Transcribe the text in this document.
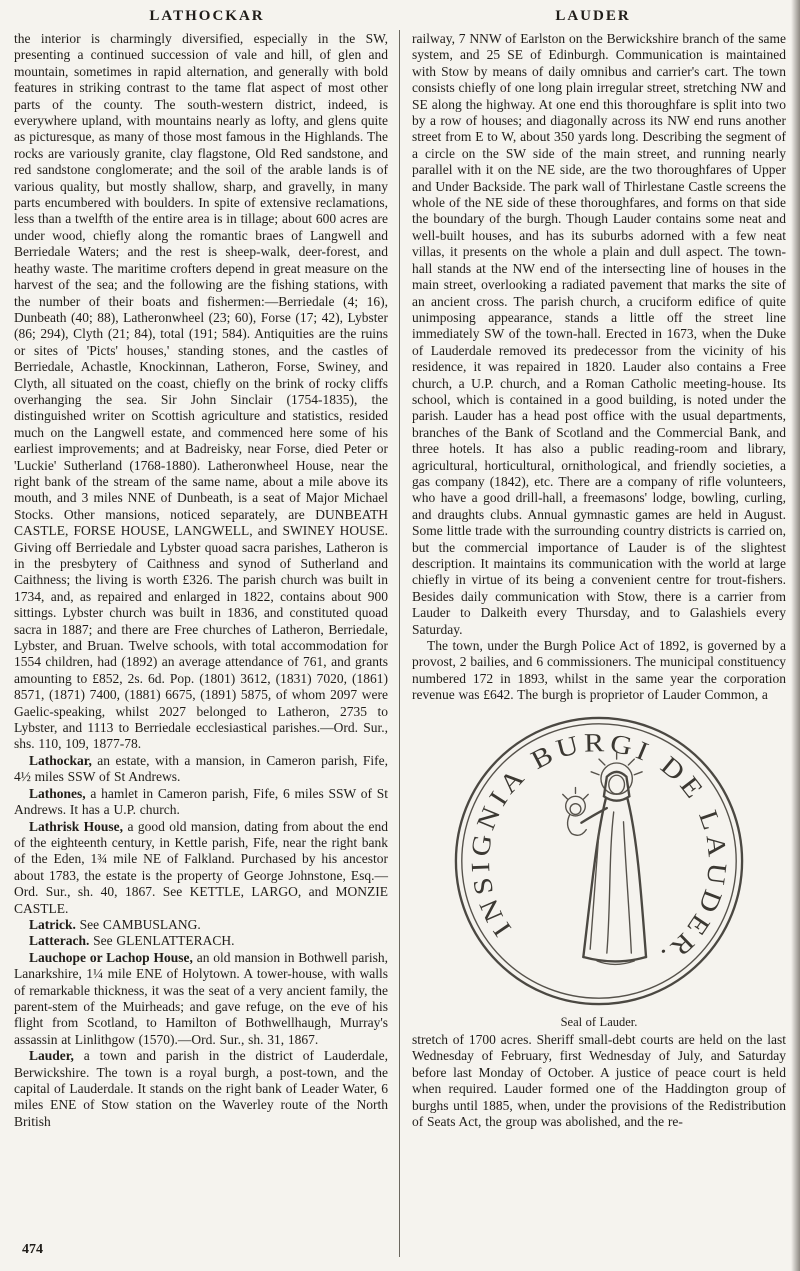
LATHOCKAR	LAUDER

the interior is charmingly diversified, especially in the SW, presenting a continued succession of vale and hill, of glen and mountain, sometimes in rapid alternation, and generally with bold features in striking contrast to the tame flat aspect of most other parts of the county. The south-western district, indeed, is everywhere upland, with mountains nearly as lofty, and glens quite as picturesque, as many of those most famous in the Highlands. The rocks are variously granite, clay flagstone, Old Red sandstone, and red sandstone conglomerate; and the soil of the arable lands is of various quality, but mostly shallow, sharp, and gravelly, in many parts encumbered with boulders. In spite of extensive reclamations, less than a twelfth of the entire area is in tillage; about 600 acres are under wood, chiefly along the romantic braes of Langwell and Berriedale Waters; and the rest is sheep-walk, deer-forest, and heathy waste. The maritime crofters depend in great measure on the harvest of the sea; and the following are the fishing stations, with the number of their boats and fishermen:—Berriedale (4; 16), Dunbeath (40; 88), Latheronwheel (23; 60), Forse (17; 42), Lybster (86; 294), Clyth (21; 84), total (191; 584). Antiquities are the ruins or sites of 'Picts' houses,' standing stones, and the castles of Berriedale, Achastle, Knockinnan, Latheron, Forse, Swiney, and Clyth, all situated on the coast, chiefly on the brink of rocky cliffs overhanging the sea. Sir John Sinclair (1754-1835), the distinguished writer on Scottish agriculture and statistics, resided much on the Langwell estate, and commenced here some of his earliest improvements; and at Badreisky, near Forse, died Peter or 'Luckie' Sutherland (1768-1880). Latheronwheel House, near the right bank of the stream of the same name, about a mile above its mouth, and 3 miles NNE of Dunbeath, is a seat of Major Michael Stocks. Other mansions, noticed separately, are DUNBEATH CASTLE, FORSE HOUSE, LANGWELL, and SWINEY HOUSE. Giving off Berriedale and Lybster quoad sacra parishes, Latheron is in the presbytery of Caithness and synod of Sutherland and Caithness; the living is worth £326. The parish church was built in 1734, and, as repaired and enlarged in 1822, contains about 900 sittings. Lybster church was built in 1836, and constituted quoad sacra in 1887; and there are Free churches of Latheron, Berriedale, Lybster, and Bruan. Twelve schools, with total accommodation for 1554 children, had (1892) an average attendance of 761, and grants amounting to £852, 2s. 6d. Pop. (1801) 3612, (1831) 7020, (1861) 8571, (1871) 7400, (1881) 6675, (1891) 5875, of whom 2097 were Gaelic-speaking, whilst 2027 belonged to Latheron, 2735 to Lybster, and 1113 to Berriedale ecclesiastical parishes.—Ord. Sur., shs. 110, 109, 1877-78.

Lathockar, an estate, with a mansion, in Cameron parish, Fife, 4½ miles SSW of St Andrews.

Lathones, a hamlet in Cameron parish, Fife, 6 miles SSW of St Andrews. It has a U.P. church.

Lathrisk House, a good old mansion, dating from about the end of the eighteenth century, in Kettle parish, Fife, near the right bank of the Eden, 1¾ mile NE of Falkland. Purchased by his ancestor about 1783, the estate is the property of George Johnstone, Esq.—Ord. Sur., sh. 40, 1867. See KETTLE, LARGO, and MONZIE CASTLE.

Latrick. See CAMBUSLANG.

Latterach. See GLENLATTERACH.

Lauchope or Lachop House, an old mansion in Bothwell parish, Lanarkshire, 1¼ mile ENE of Holytown. A tower-house, with walls of remarkable thickness, it was the seat of a very ancient family, the parent-stem of the Muirheads; and gave refuge, on the eve of his flight from Scotland, to Hamilton of Bothwellhaugh, Murray's assassin at Linlithgow (1570).—Ord. Sur., sh. 31, 1867.

Lauder, a town and parish in the district of Lauderdale, Berwickshire. The town is a royal burgh, a post-town, and the capital of Lauderdale. It stands on the right bank of Leader Water, 6 miles ENE of Stow station on the Waverley route of the North British

railway, 7 NNW of Earlston on the Berwickshire branch of the same system, and 25 SE of Edinburgh. Communication is maintained with Stow by means of daily omnibus and carrier's cart. The town consists chiefly of one long plain irregular street, stretching NW and SE along the highway. At one end this thoroughfare is split into two by a row of houses; and diagonally across its NW end runs another street from E to W, about 350 yards long. Describing the segment of a circle on the SW side of the main street, and running nearly parallel with it on the NE side, are the two thoroughfares of Upper and Under Backside. The park wall of Thirlestane Castle screens the whole of the NE side of these thoroughfares, and forms on that side the boundary of the burgh. Though Lauder contains some neat and well-built houses, and has its suburbs adorned with a few neat villas, it presents on the whole a plain and dull aspect. The town-hall stands at the NW end of the intersecting line of houses in the main street, overlooking a radiated pavement that marks the site of an ancient cross. The parish church, a cruciform edifice of quite unimposing appearance, stands a little off the street line immediately SW of the town-hall. Erected in 1673, when the Duke of Lauderdale removed its predecessor from the vicinity of his residence, it was repaired in 1820. Lauder also contains a Free church, a U.P. church, and a Roman Catholic meeting-house. Its school, which is contained in a good building, is noted under the parish. Lauder has a head post office with the usual departments, branches of the Bank of Scotland and the Commercial Bank, and three hotels. It has also a public reading-room and library, agricultural, horticultural, ornithological, and friendly societies, a gas company (1842), etc. There are a company of rifle volunteers, who have a good drill-hall, a freemasons' lodge, bowling, curling, and draughts clubs. Annual gymnastic games are held in August. Some little trade with the surrounding country districts is carried on, but the commercial importance of Lauder is of the slightest description. It maintains its communication with the world at large chiefly in virtue of its being a convenient centre for trout-fishers. Besides daily communication with Stow, there is a carrier from Lauder to Dalkeith every Thursday, and to Galashiels every Saturday.

The town, under the Burgh Police Act of 1892, is governed by a provost, 2 bailies, and 6 commissioners. The municipal constituency numbered 172 in 1893, whilst in the same year the corporation revenue was £642. The burgh is proprietor of Lauder Common, a

INSIGNIA BURGI DE LAUDER.
Seal of Lauder.

stretch of 1700 acres. Sheriff small-debt courts are held on the last Wednesday of February, first Wednesday of July, and Saturday before last Monday of October. A justice of peace court is held when required. Lauder formed one of the Haddington group of burghs until 1885, when, under the provisions of the Redistribution of Seats Act, the group was abolished, and the re-

474
